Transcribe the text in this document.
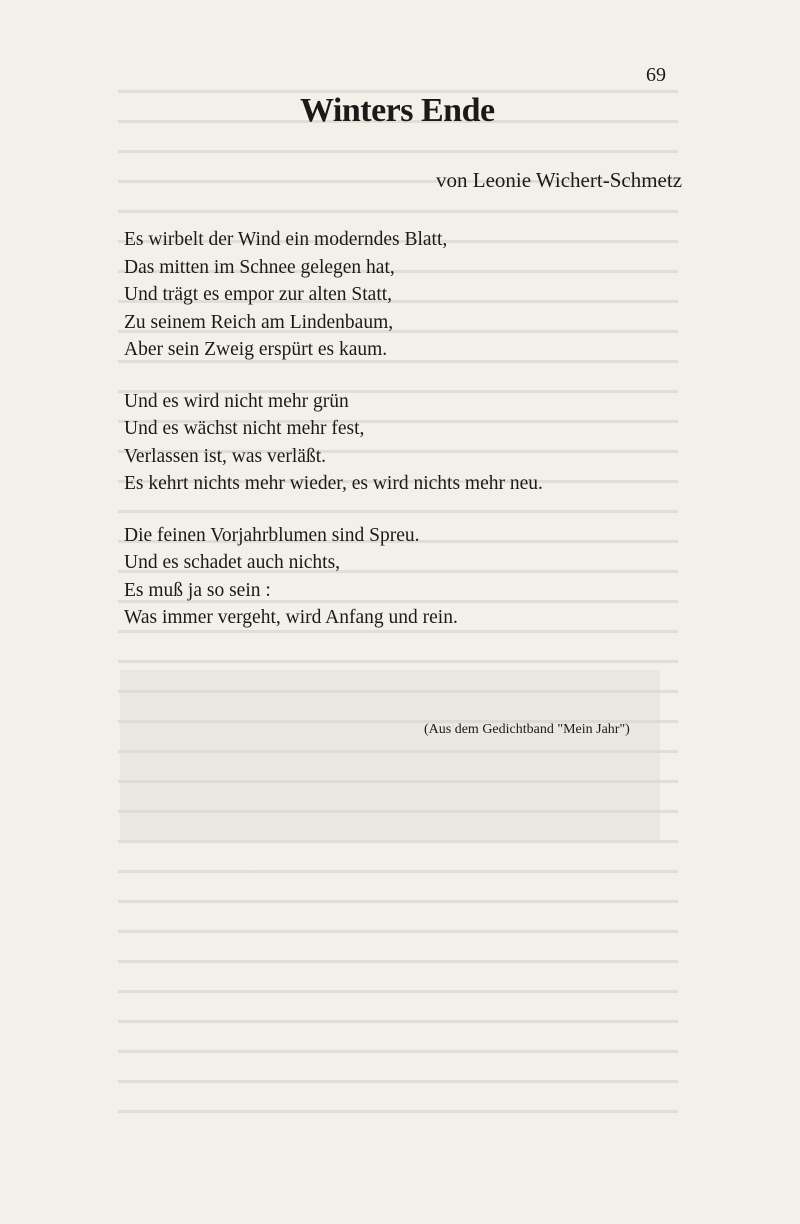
69
Winters Ende
von Leonie Wichert-Schmetz
Es wirbelt der Wind ein moderndes Blatt,
Das mitten im Schnee gelegen hat,
Und trägt es empor zur alten Statt,
Zu seinem Reich am Lindenbaum,
Aber sein Zweig erspürt es kaum.
Und es wird nicht mehr grün
Und es wächst nicht mehr fest,
Verlassen ist, was verläßt.
Es kehrt nichts mehr wieder, es wird nichts mehr neu.
Die feinen Vorjahrblumen sind Spreu.
Und es schadet auch nichts,
Es muß ja so sein :
Was immer vergeht, wird Anfang und rein.
(Aus dem Gedichtband "Mein Jahr")
